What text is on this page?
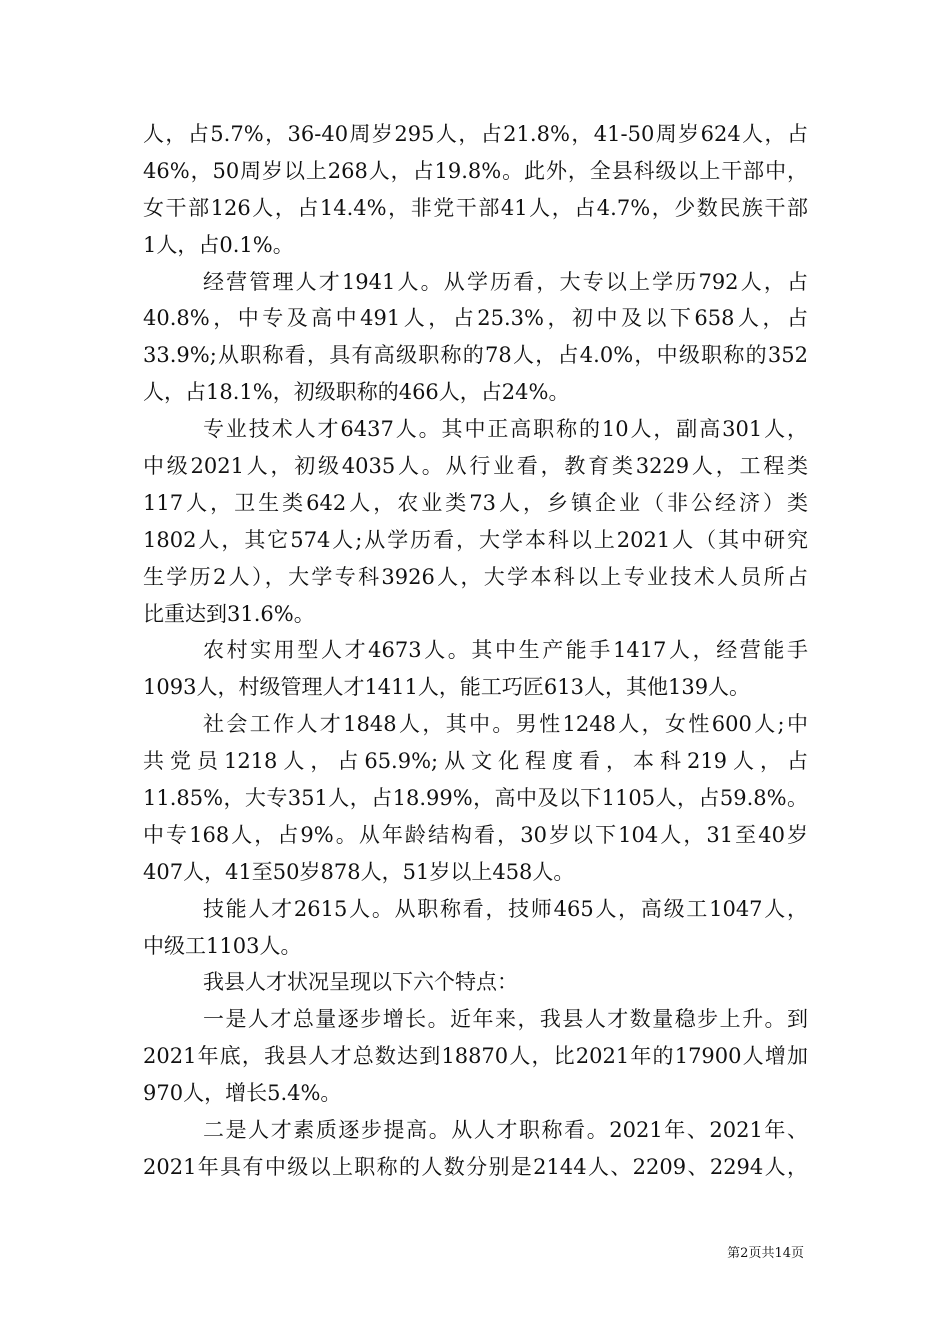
人，占5.7%，36-40周岁295人，占21.8%，41-50周岁624人，占
46%，50周岁以上268人，占19.8%。此外，全县科级以上干部中，
女干部126人，占14.4%，非党干部41人，占4.7%，少数民族干部
1人，占0.1%。
经营管理人才1941人。从学历看，大专以上学历792人，占
40.8%，中专及高中491人，占25.3%，初中及以下658人，占
33.9%;从职称看，具有高级职称的78人，占4.0%，中级职称的352
人，占18.1%，初级职称的466人，占24%。
专业技术人才6437人。其中正高职称的10人，副高301人，
中级2021人，初级4035人。从行业看，教育类3229人，工程类
117人，卫生类642人，农业类73人，乡镇企业（非公经济）类
1802人，其它574人;从学历看，大学本科以上2021人（其中研究
生学历2人），大学专科3926人，大学本科以上专业技术人员所占
比重达到31.6%。
农村实用型人才4673人。其中生产能手1417人，经营能手
1093人，村级管理人才1411人，能工巧匠613人，其他139人。
社会工作人才1848人，其中。男性1248人，女性600人;中
共党员1218人，占65.9%;从文化程度看，本科219人，占
11.85%，大专351人，占18.99%，高中及以下1105人，占59.8%。
中专168人，占9%。从年龄结构看，30岁以下104人，31至40岁
407人，41至50岁878人，51岁以上458人。
技能人才2615人。从职称看，技师465人，高级工1047人，
中级工1103人。
我县人才状况呈现以下六个特点：
一是人才总量逐步增长。近年来，我县人才数量稳步上升。到
2021年底，我县人才总数达到18870人，比2021年的17900人增加
970人，增长5.4%。
二是人才素质逐步提高。从人才职称看。2021年、2021年、
2021年具有中级以上职称的人数分别是2144人、2209、2294人，
第2页共14页
